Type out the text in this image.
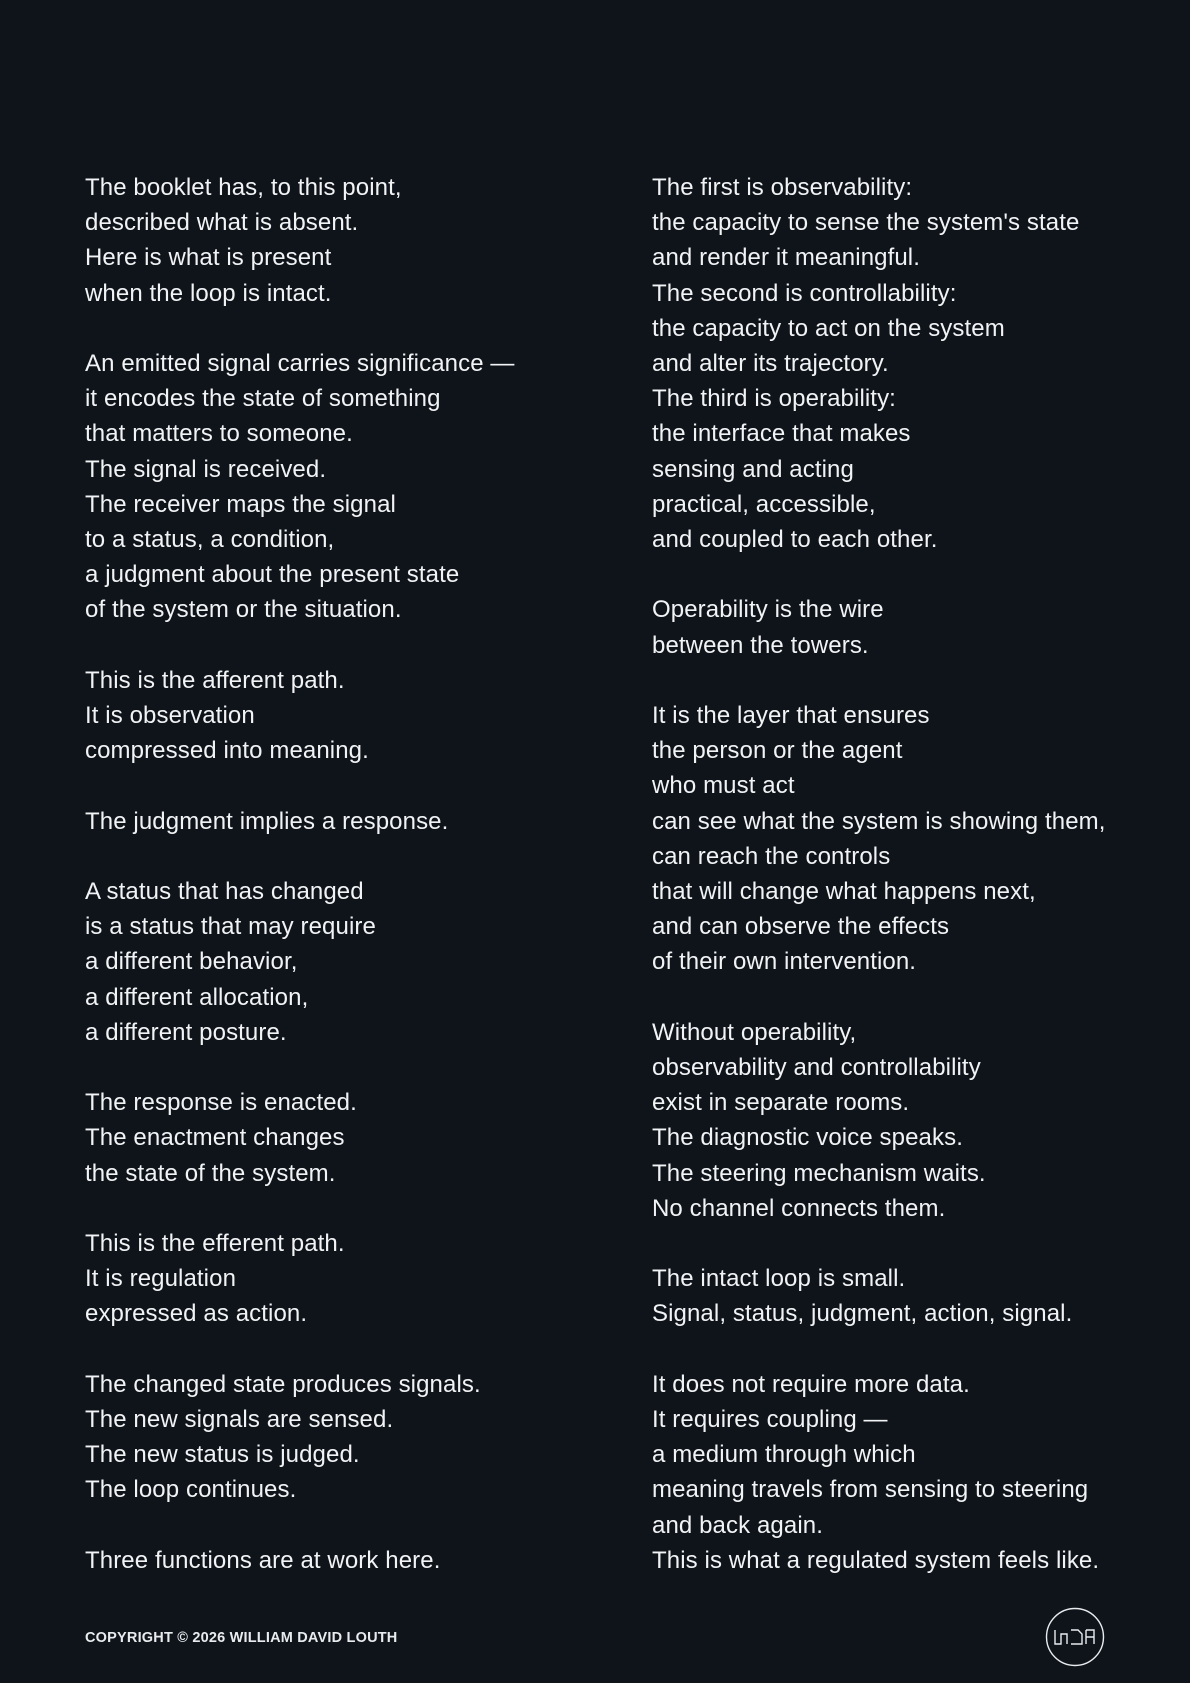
The booklet has, to this point,
described what is absent.
Here is what is present
when the loop is intact.
An emitted signal carries significance —
it encodes the state of something
that matters to someone.
The signal is received.
The receiver maps the signal
to a status, a condition,
a judgment about the present state
of the system or the situation.
This is the afferent path.
It is observation
compressed into meaning.
The judgment implies a response.
A status that has changed
is a status that may require
a different behavior,
a different allocation,
a different posture.
The response is enacted.
The enactment changes
the state of the system.
This is the efferent path.
It is regulation
expressed as action.
The changed state produces signals.
The new signals are sensed.
The new status is judged.
The loop continues.
Three functions are at work here.
The first is observability:
the capacity to sense the system's state
and render it meaningful.
The second is controllability:
the capacity to act on the system
and alter its trajectory.
The third is operability:
the interface that makes
sensing and acting
practical, accessible,
and coupled to each other.
Operability is the wire
between the towers.
It is the layer that ensures
the person or the agent
who must act
can see what the system is showing them,
can reach the controls
that will change what happens next,
and can observe the effects
of their own intervention.
Without operability,
observability and controllability
exist in separate rooms.
The diagnostic voice speaks.
The steering mechanism waits.
No channel connects them.
The intact loop is small.
Signal, status, judgment, action, signal.
It does not require more data.
It requires coupling —
a medium through which
meaning travels from sensing to steering
and back again.
This is what a regulated system feels like.
COPYRIGHT © 2026 WILLIAM DAVID LOUTH
